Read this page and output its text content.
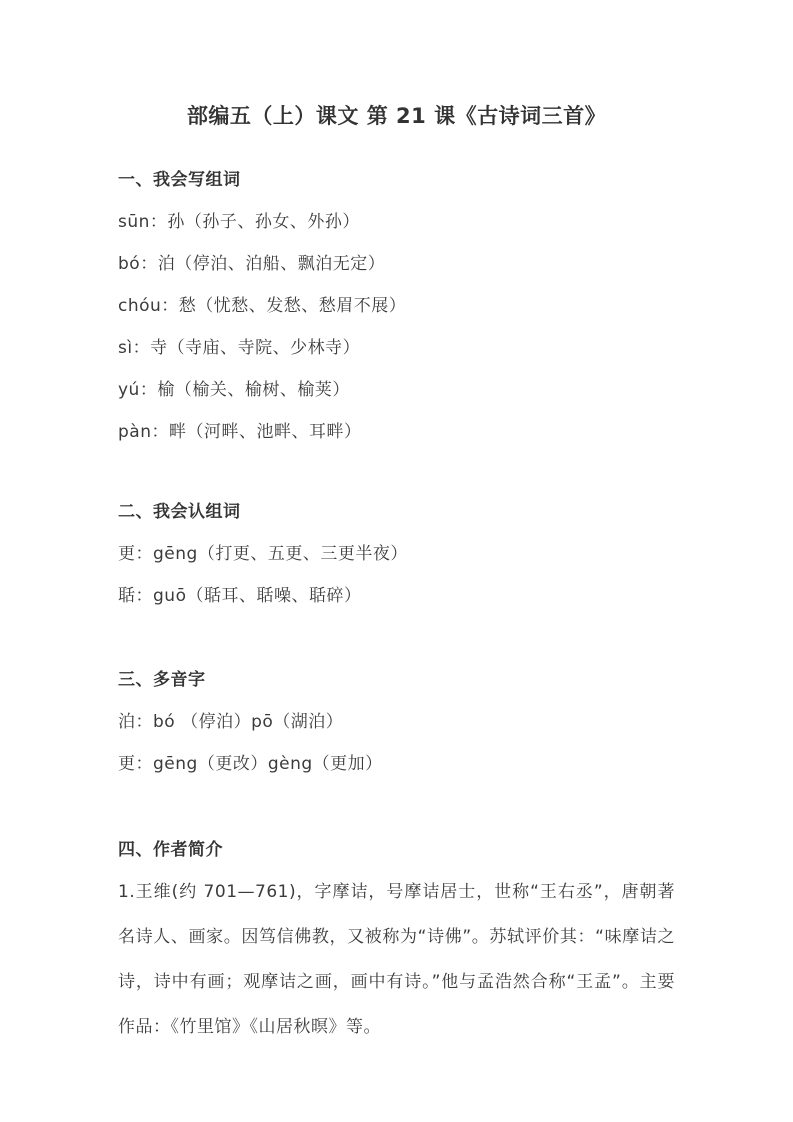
部编五（上）课文 第 21 课《古诗词三首》
一、我会写组词

sūn：孙（孙子、孙女、外孙）

bó：泊（停泊、泊船、飘泊无定）

chóu：愁（忧愁、发愁、愁眉不展）

sì：寺（寺庙、寺院、少林寺）

yú：榆（榆关、榆树、榆荚）

pàn：畔（河畔、池畔、耳畔）

二、我会认组词

更：gēng（打更、五更、三更半夜）

聒：guō（聒耳、聒噪、聒碎）

三、多音字

泊：bó （停泊）pō（湖泊）

更：gēng（更改）gèng（更加）

四、作者简介

1.王维(约 701—761)，字摩诘，号摩诘居士，世称“王右丞”，唐朝著名诗人、画家。因笃信佛教，又被称为“诗佛”。苏轼评价其：“味摩诘之诗，诗中有画；观摩诘之画，画中有诗。”他与孟浩然合称“王孟”。主要作品：《竹里馆》《山居秋暝》等。
